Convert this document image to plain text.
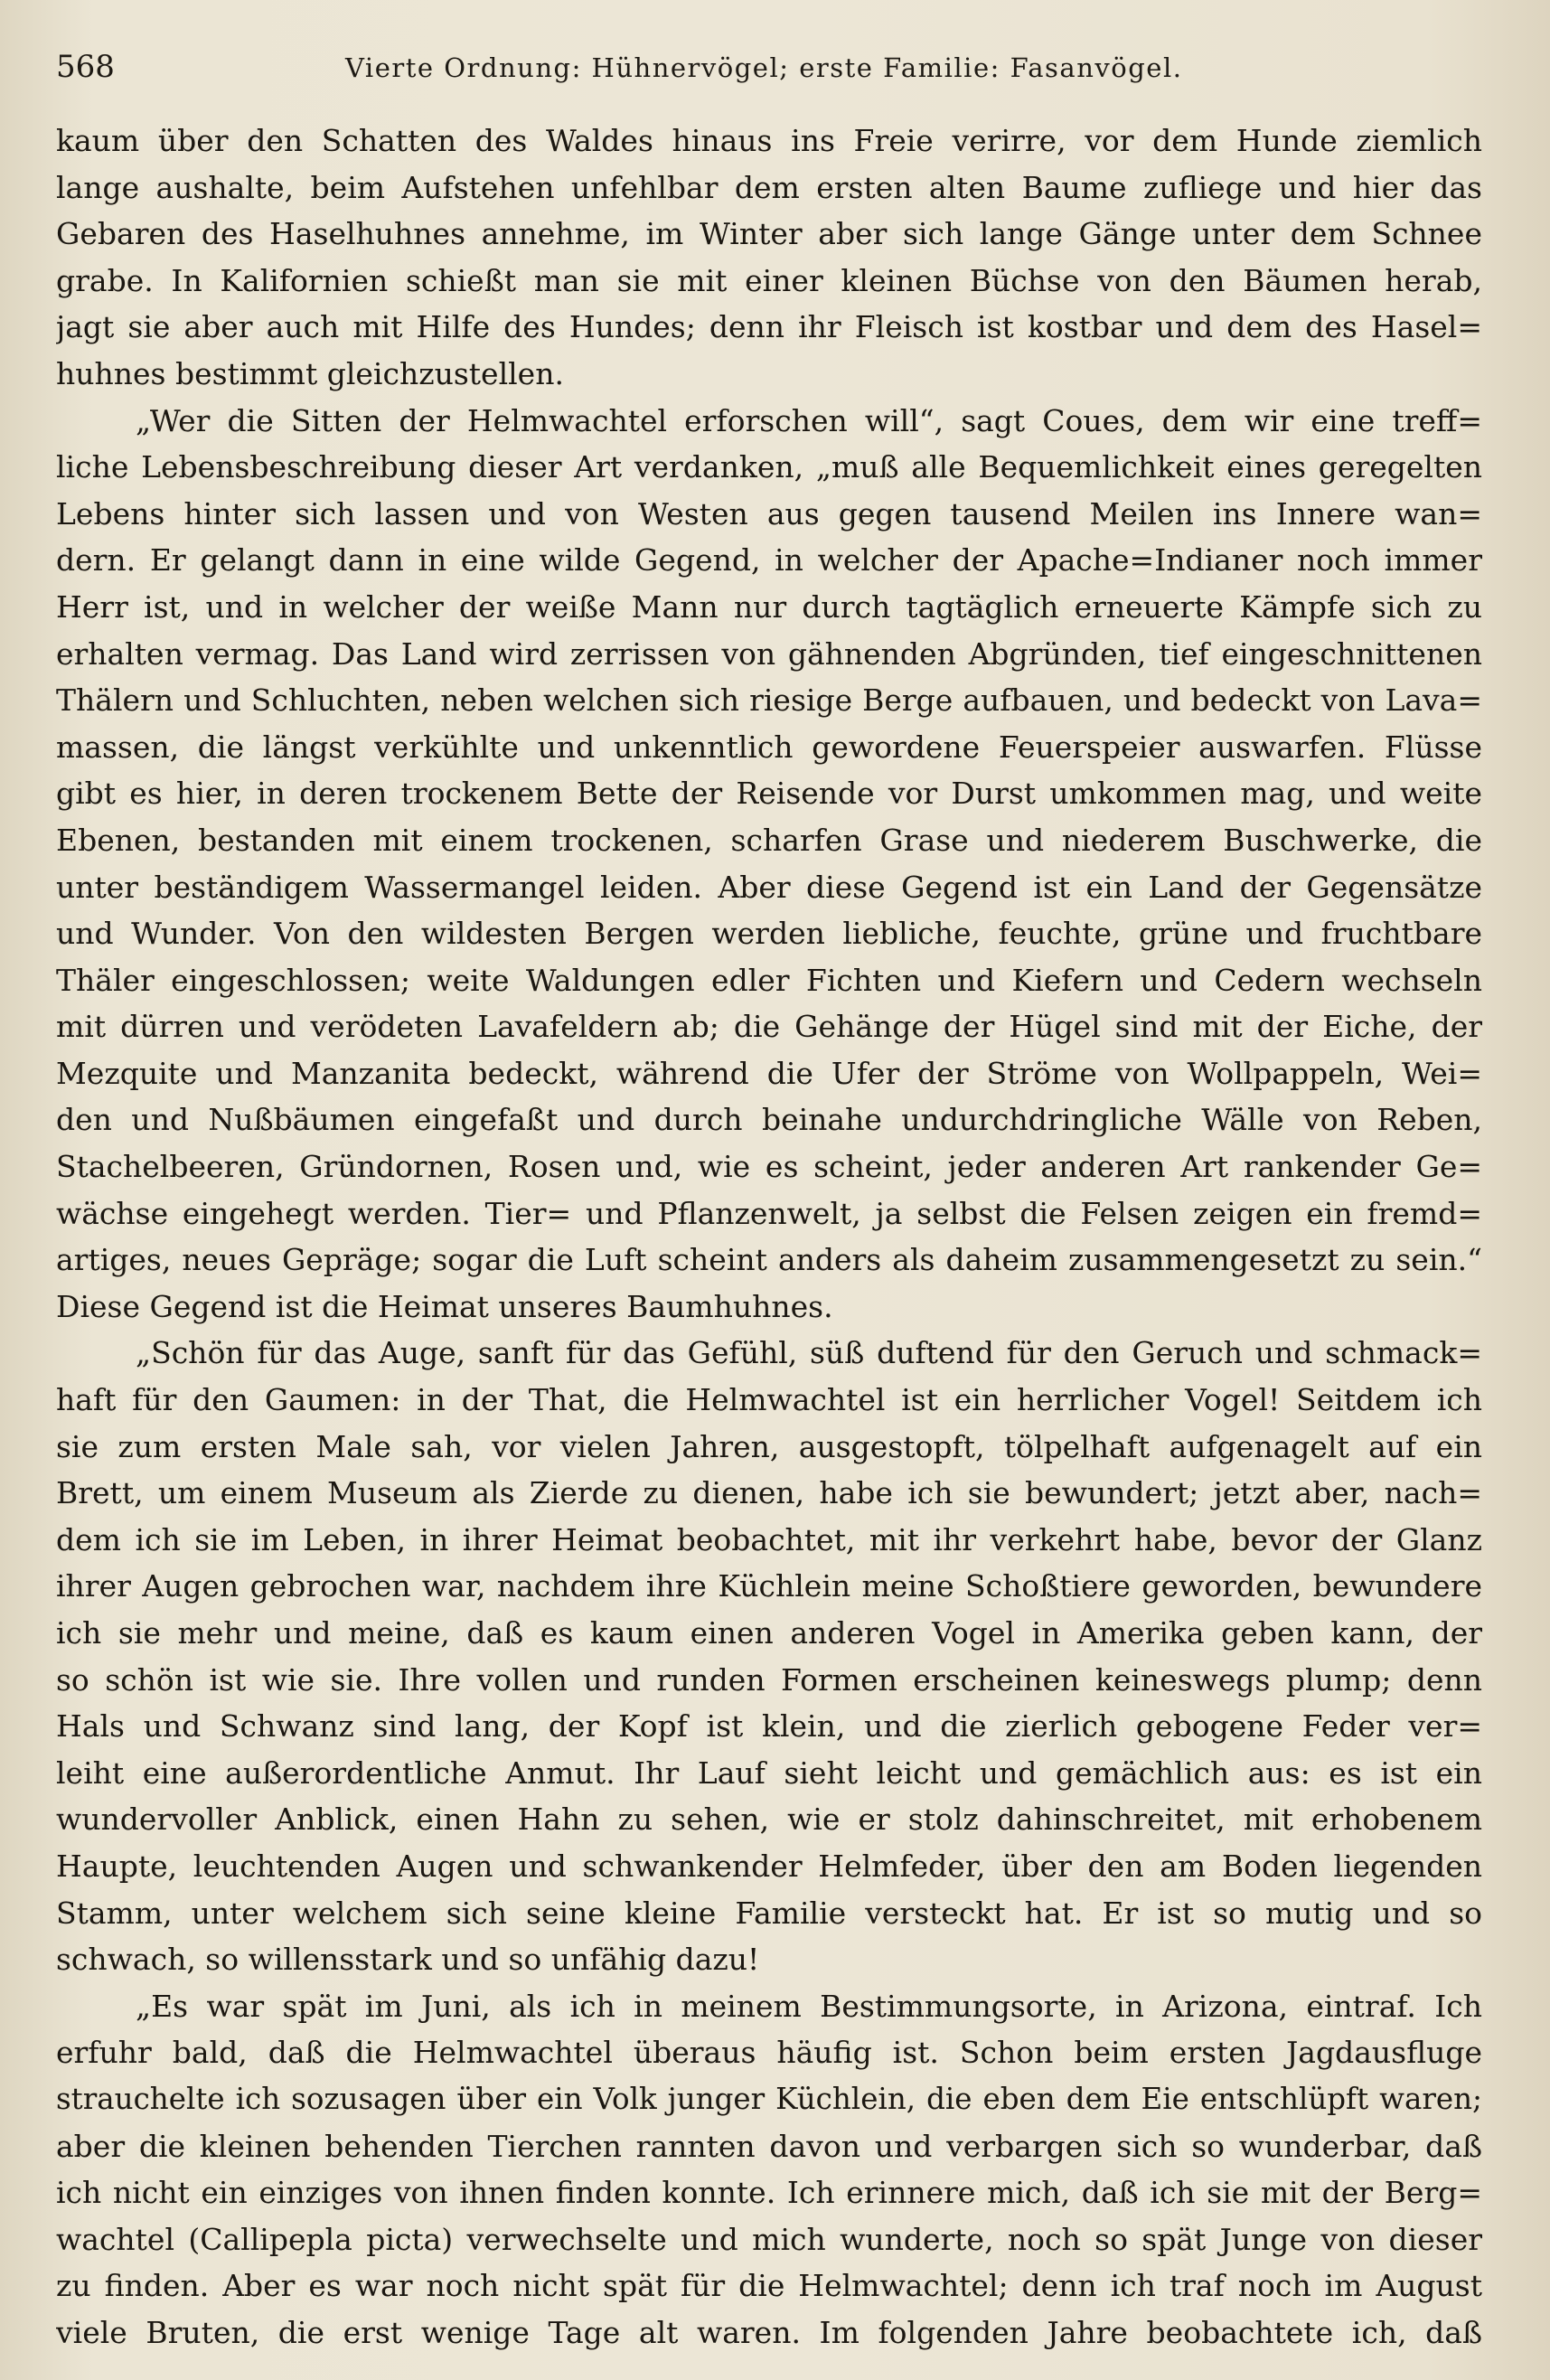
568	Vierte Ordnung: Hühnervögel; erste Familie: Fasanvögel.
kaum über den Schatten des Waldes hinaus ins Freie verirre, vor dem Hunde ziemlich
lange aushalte, beim Aufstehen unfehlbar dem ersten alten Baume zufliege und hier das
Gebaren des Haselhuhnes annehme, im Winter aber sich lange Gänge unter dem Schnee
grabe. In Kalifornien schießt man sie mit einer kleinen Büchse von den Bäumen herab,
jagt sie aber auch mit Hilfe des Hundes; denn ihr Fleisch ist kostbar und dem des Hasel=
huhnes bestimmt gleichzustellen.
„Wer die Sitten der Helmwachtel erforschen will“, sagt Coues, dem wir eine treff=
liche Lebensbeschreibung dieser Art verdanken, „muß alle Bequemlichkeit eines geregelten
Lebens hinter sich lassen und von Westen aus gegen tausend Meilen ins Innere wan=
dern. Er gelangt dann in eine wilde Gegend, in welcher der Apache=Indianer noch immer
Herr ist, und in welcher der weiße Mann nur durch tagtäglich erneuerte Kämpfe sich zu
erhalten vermag. Das Land wird zerrissen von gähnenden Abgründen, tief eingeschnittenen
Thälern und Schluchten, neben welchen sich riesige Berge aufbauen, und bedeckt von Lava=
massen, die längst verkühlte und unkenntlich gewordene Feuerspeier auswarfen. Flüsse
gibt es hier, in deren trockenem Bette der Reisende vor Durst umkommen mag, und weite
Ebenen, bestanden mit einem trockenen, scharfen Grase und niederem Buschwerke, die
unter beständigem Wassermangel leiden. Aber diese Gegend ist ein Land der Gegensätze
und Wunder. Von den wildesten Bergen werden liebliche, feuchte, grüne und fruchtbare
Thäler eingeschlossen; weite Waldungen edler Fichten und Kiefern und Cedern wechseln
mit dürren und verödeten Lavafeldern ab; die Gehänge der Hügel sind mit der Eiche, der
Mezquite und Manzanita bedeckt, während die Ufer der Ströme von Wollpappeln, Wei=
den und Nußbäumen eingefaßt und durch beinahe undurchdringliche Wälle von Reben,
Stachelbeeren, Gründornen, Rosen und, wie es scheint, jeder anderen Art rankender Ge=
wächse eingehegt werden. Tier= und Pflanzenwelt, ja selbst die Felsen zeigen ein fremd=
artiges, neues Gepräge; sogar die Luft scheint anders als daheim zusammengesetzt zu sein.“
Diese Gegend ist die Heimat unseres Baumhuhnes.
„Schön für das Auge, sanft für das Gefühl, süß duftend für den Geruch und schmack=
haft für den Gaumen: in der That, die Helmwachtel ist ein herrlicher Vogel! Seitdem ich
sie zum ersten Male sah, vor vielen Jahren, ausgestopft, tölpelhaft aufgenagelt auf ein
Brett, um einem Museum als Zierde zu dienen, habe ich sie bewundert; jetzt aber, nach=
dem ich sie im Leben, in ihrer Heimat beobachtet, mit ihr verkehrt habe, bevor der Glanz
ihrer Augen gebrochen war, nachdem ihre Küchlein meine Schoßtiere geworden, bewundere
ich sie mehr und meine, daß es kaum einen anderen Vogel in Amerika geben kann, der
so schön ist wie sie. Ihre vollen und runden Formen erscheinen keineswegs plump; denn
Hals und Schwanz sind lang, der Kopf ist klein, und die zierlich gebogene Feder ver=
leiht eine außerordentliche Anmut. Ihr Lauf sieht leicht und gemächlich aus: es ist ein
wundervoller Anblick, einen Hahn zu sehen, wie er stolz dahinschreitet, mit erhobenem
Haupte, leuchtenden Augen und schwankender Helmfeder, über den am Boden liegenden
Stamm, unter welchem sich seine kleine Familie versteckt hat. Er ist so mutig und so
schwach, so willensstark und so unfähig dazu!
„Es war spät im Juni, als ich in meinem Bestimmungsorte, in Arizona, eintraf. Ich
erfuhr bald, daß die Helmwachtel überaus häufig ist. Schon beim ersten Jagdausfluge
strauchelte ich sozusagen über ein Volk junger Küchlein, die eben dem Eie entschlüpft waren;
aber die kleinen behenden Tierchen rannten davon und verbargen sich so wunderbar, daß
ich nicht ein einziges von ihnen finden konnte. Ich erinnere mich, daß ich sie mit der Berg=
wachtel (Callipepla picta) verwechselte und mich wunderte, noch so spät Junge von dieser
zu finden. Aber es war noch nicht spät für die Helmwachtel; denn ich traf noch im August
viele Bruten, die erst wenige Tage alt waren. Im folgenden Jahre beobachtete ich, daß
